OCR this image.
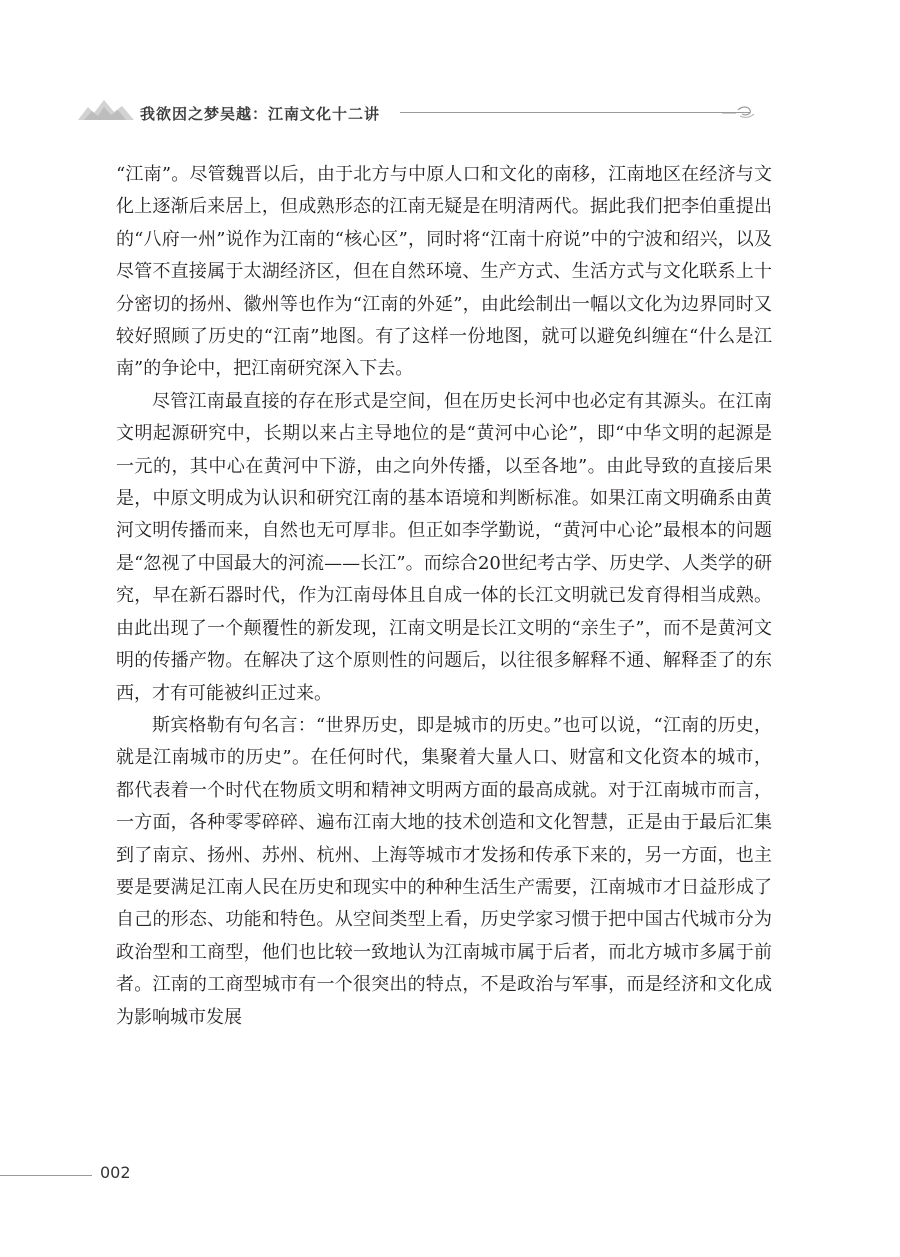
我欲因之梦吴越：江南文化十二讲

“江南”。尽管魏晋以后，由于北方与中原人口和文化的南移，江南地区在经济与文化上逐渐后来居上，但成熟形态的江南无疑是在明清两代。据此我们把李伯重提出的“八府一州”说作为江南的“核心区”，同时将“江南十府说”中的宁波和绍兴，以及尽管不直接属于太湖经济区，但在自然环境、生产方式、生活方式与文化联系上十分密切的扬州、徽州等也作为“江南的外延”，由此绘制出一幅以文化为边界同时又较好照顾了历史的“江南”地图。有了这样一份地图，就可以避免纠缠在“什么是江南”的争论中，把江南研究深入下去。

尽管江南最直接的存在形式是空间，但在历史长河中也必定有其源头。在江南文明起源研究中，长期以来占主导地位的是“黄河中心论”，即“中华文明的起源是一元的，其中心在黄河中下游，由之向外传播，以至各地”。由此导致的直接后果是，中原文明成为认识和研究江南的基本语境和判断标准。如果江南文明确系由黄河文明传播而来，自然也无可厚非。但正如李学勤说，“黄河中心论”最根本的问题是“忽视了中国最大的河流——长江”。而综合20世纪考古学、历史学、人类学的研究，早在新石器时代，作为江南母体且自成一体的长江文明就已发育得相当成熟。由此出现了一个颠覆性的新发现，江南文明是长江文明的“亲生子”，而不是黄河文明的传播产物。在解决了这个原则性的问题后，以往很多解释不通、解释歪了的东西，才有可能被纠正过来。

斯宾格勒有句名言：“世界历史，即是城市的历史。”也可以说，“江南的历史，就是江南城市的历史”。在任何时代，集聚着大量人口、财富和文化资本的城市，都代表着一个时代在物质文明和精神文明两方面的最高成就。对于江南城市而言，一方面，各种零零碎碎、遍布江南大地的技术创造和文化智慧，正是由于最后汇集到了南京、扬州、苏州、杭州、上海等城市才发扬和传承下来的，另一方面，也主要是要满足江南人民在历史和现实中的种种生活生产需要，江南城市才日益形成了自己的形态、功能和特色。从空间类型上看，历史学家习惯于把中国古代城市分为政治型和工商型，他们也比较一致地认为江南城市属于后者，而北方城市多属于前者。江南的工商型城市有一个很突出的特点，不是政治与军事，而是经济和文化成为影响城市发展

002
